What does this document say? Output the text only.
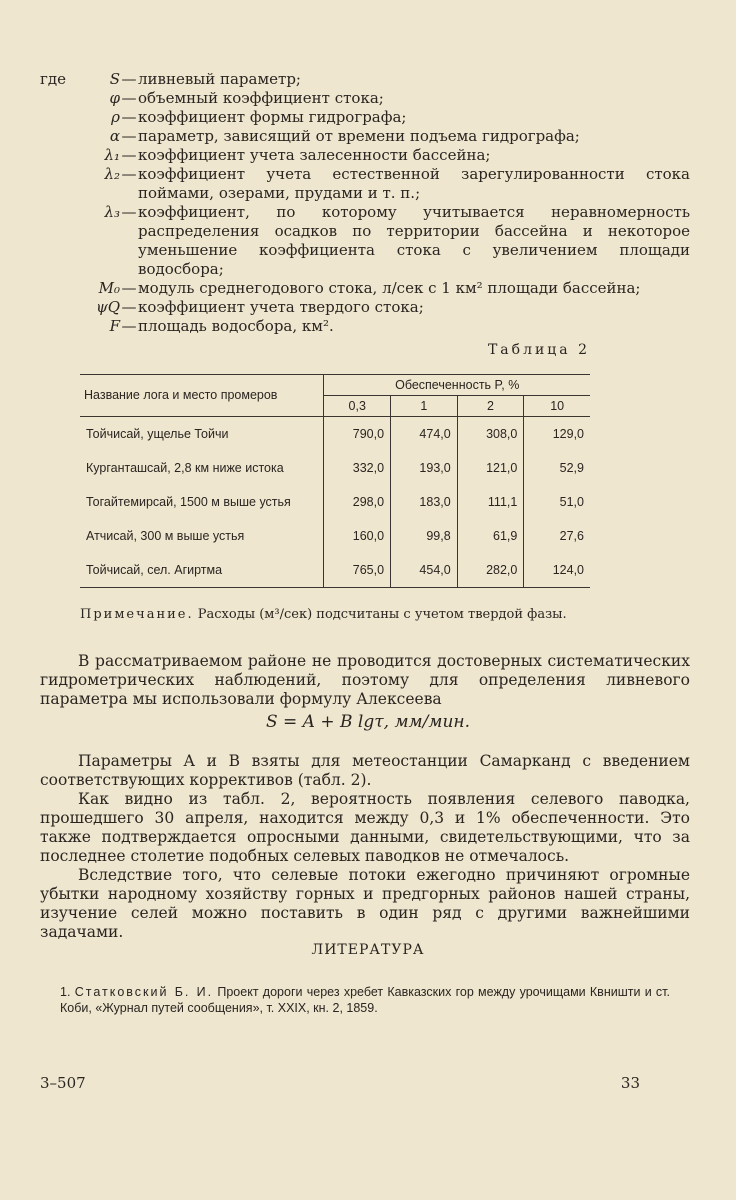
где	S — ливневый параметр;
φ — объемный коэффициент стока;
ρ — коэффициент формы гидрографа;
α — параметр, зависящий от времени подъема гидрографа;
λ₁ — коэффициент учета залесенности бассейна;
λ₂ — коэффициент учета естественной зарегулированности стока поймами, озерами, прудами и т. п.;
λ₃ — коэффициент, по которому учитывается неравномерность распределения осадков по территории бассейна и некоторое уменьшение коэффициента стока с увеличением площади водосбора;
M₀ — модуль среднегодового стока, л/сек с 1 км² площади бассейна;
ψQ — коэффициент учета твердого стока;
F — площадь водосбора, км².
Таблица 2
Название лога и место промеров	Обеспеченность P, %			
	0,3	1	2	10
Тойчисай, ущелье Тойчи	790,0	474,0	308,0	129,0
Курганташсай, 2,8 км ниже истока	332,0	193,0	121,0	52,9
Тогайтемирсай, 1500 м выше устья	298,0	183,0	111,1	51,0
Атчисай, 300 м выше устья	160,0	99,8	61,9	27,6
Тойчисай, сел. Агиртма	765,0	454,0	282,0	124,0
Примечание. Расходы (м³/сек) подсчитаны с учетом твердой фазы.

В рассматриваемом районе не проводится достоверных систематических гидрометрических наблюдений, поэтому для определения ливневого параметра мы использовали формулу Алексеева

S = A + B lgτ, мм/мин.

Параметры A и B взяты для метеостанции Самарканд с введением соответствующих коррективов (табл. 2).

Как видно из табл. 2, вероятность появления селевого паводка, прошедшего 30 апреля, находится между 0,3 и 1% обеспеченности. Это также подтверждается опросными данными, свидетельствующими, что за последнее столетие подобных селевых паводков не отмечалось.

Вследствие того, что селевые потоки ежегодно причиняют огромные убытки народному хозяйству горных и предгорных районов нашей страны, изучение селей можно поставить в один ряд с другими важнейшими задачами.

ЛИТЕРАТУРА
1. Статковский Б. И. Проект дороги через хребет Кавказских гор между урочищами Квништи и ст. Коби, «Журнал путей сообщения», т. XXIX, кн. 2, 1859.
3–507	33
